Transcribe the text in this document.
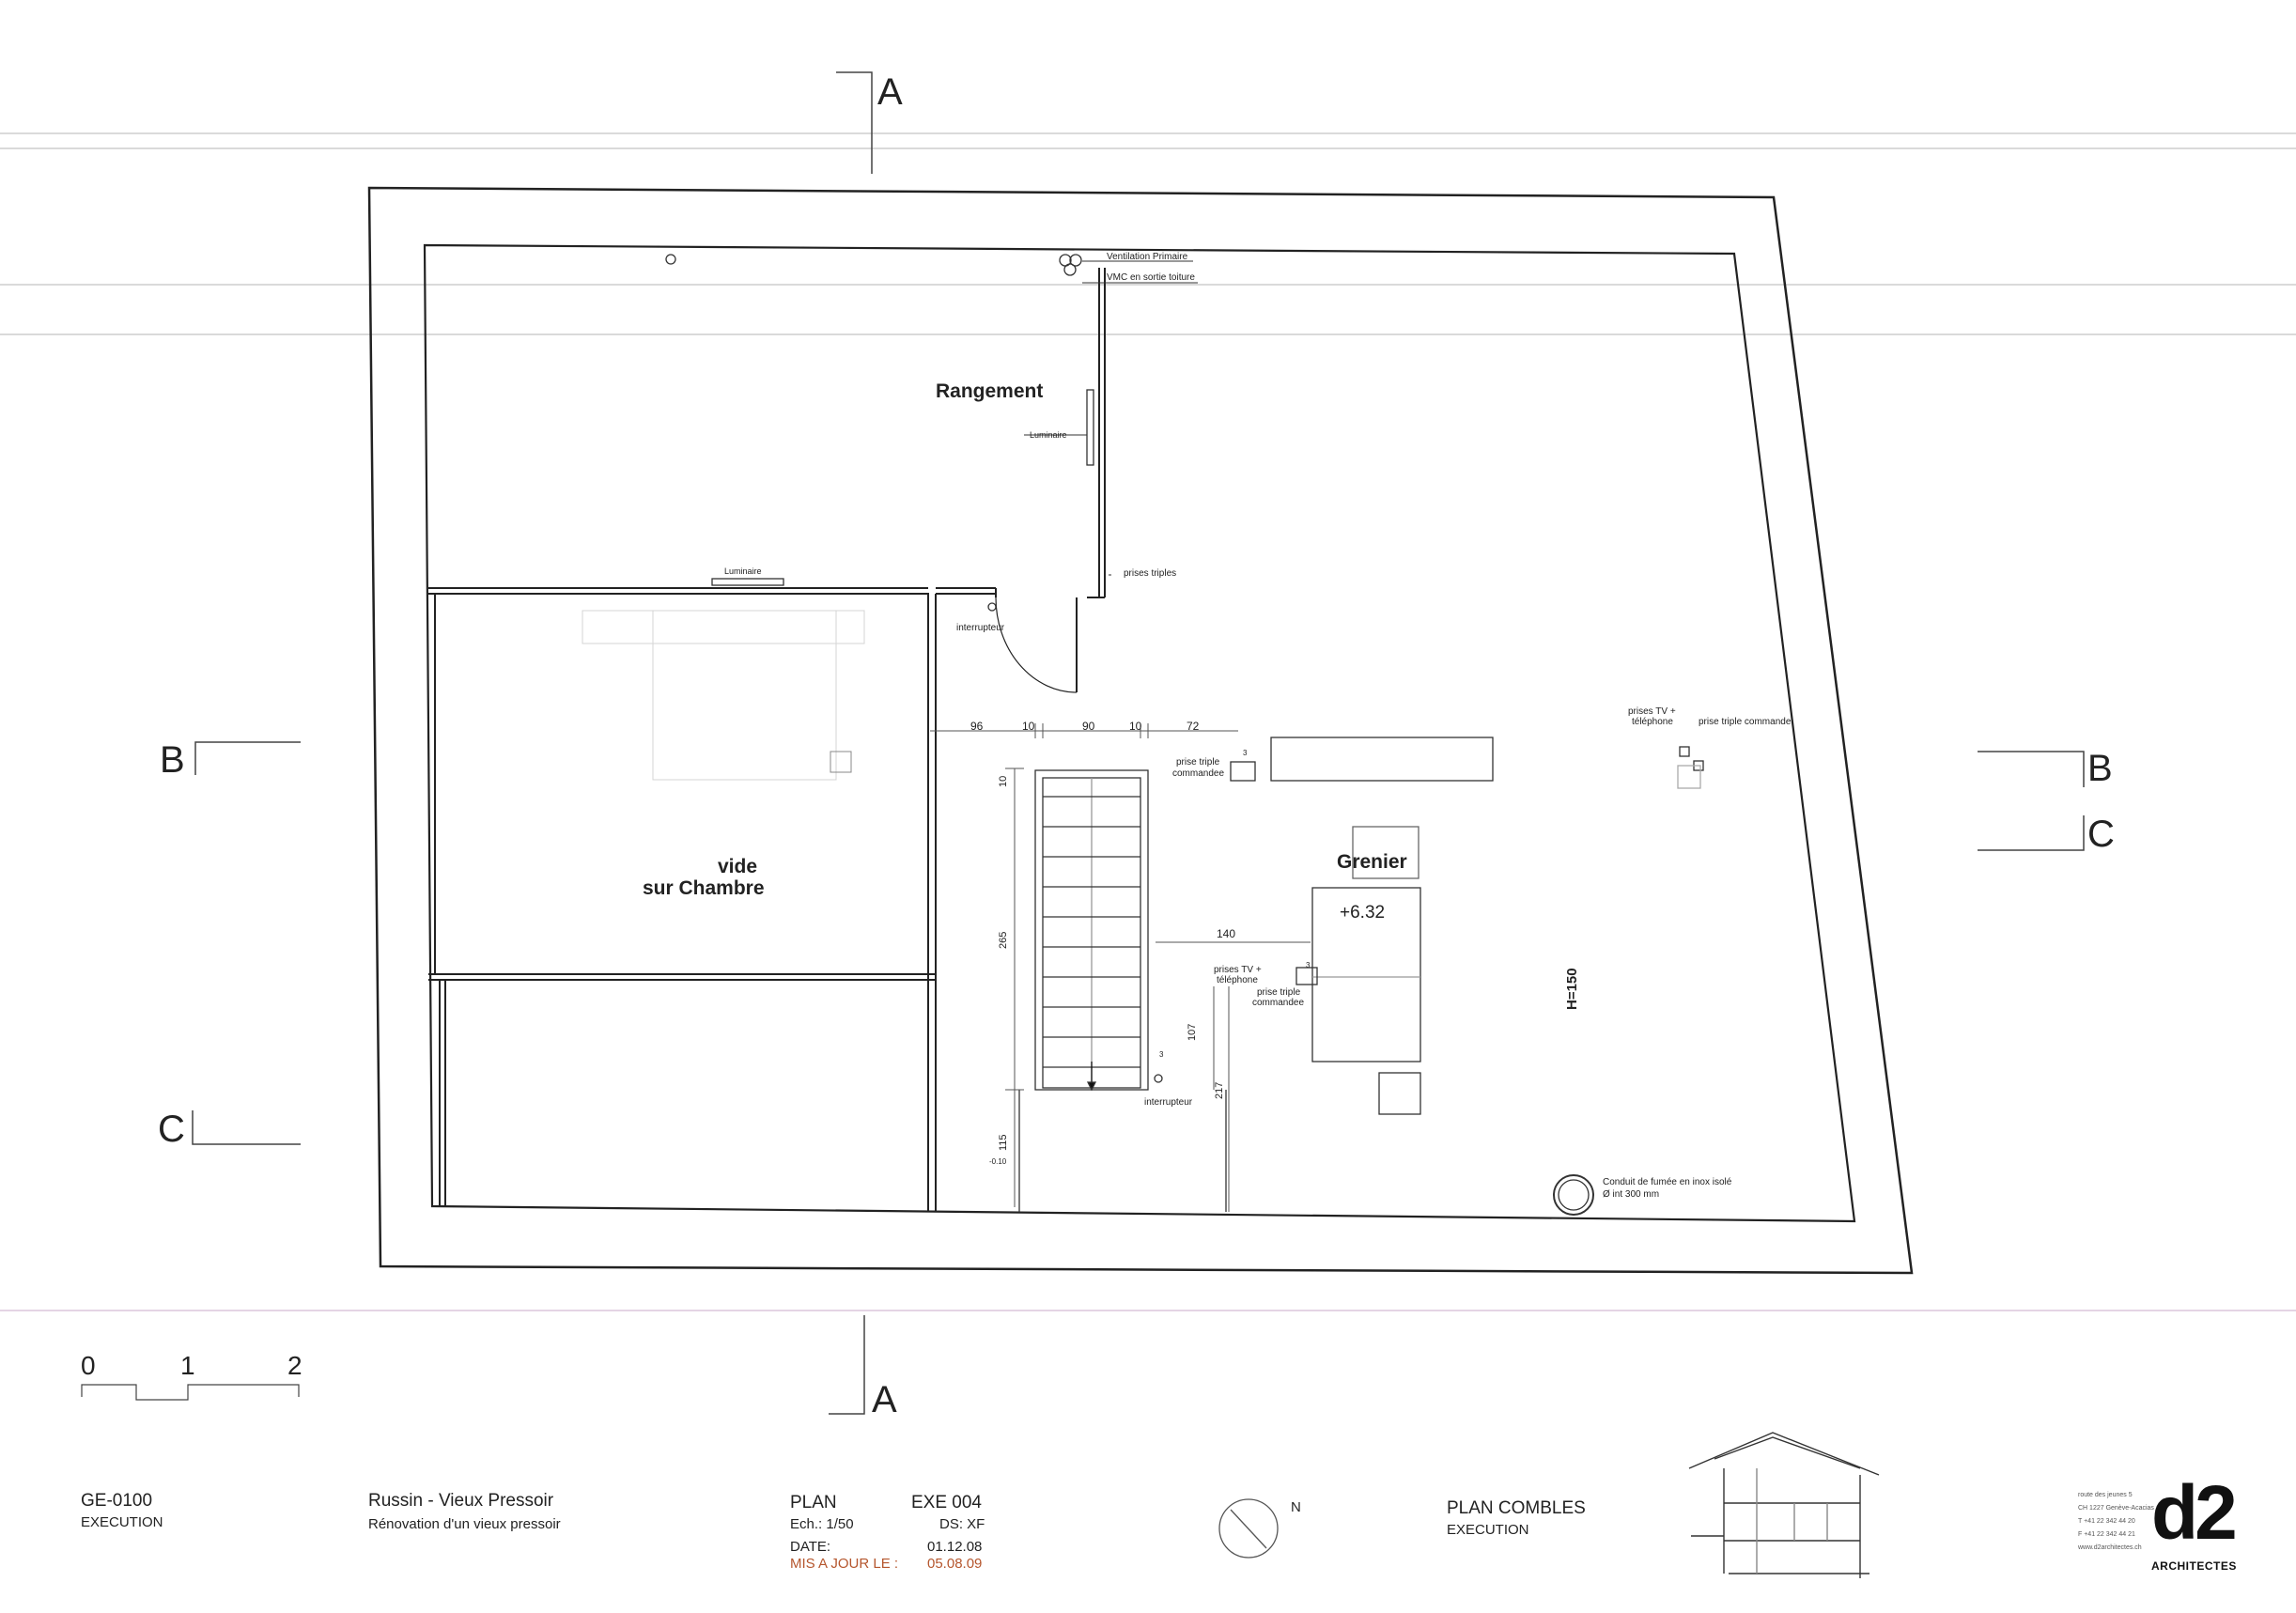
A
A
B	B
C
C
Rangement
vide
sur Chambre
Grenier
+6.32
H=150
Ventilation Primaire
VMC en sortie toiture
Luminaire
Luminaire	prises triples
interrupteur
interrupteur
prise triple
commandee
3
prises TV +
téléphone	prise triple commande
prises TV +
téléphone
prise triple
commandee
3
3
Conduit de fumée en inox isolé
Ø int 300 mm
96	10	90	10	72
10
265	140
107
217
115
-0.10
0	1	2
GE-0100
EXECUTION
Russin - Vieux Pressoir
Rénovation d'un vieux pressoir
PLAN	EXE 004
Ech.: 1/50	DS: XF
DATE:	01.12.08
MIS A JOUR LE : 05.08.09
N	PLAN COMBLES
EXECUTION
route des jeunes 5
CH 1227 Genève-Acacias
T +41 22 342 44 20
F +41 22 342 44 21
www.d2architectes.ch d2
ARCHITECTES
